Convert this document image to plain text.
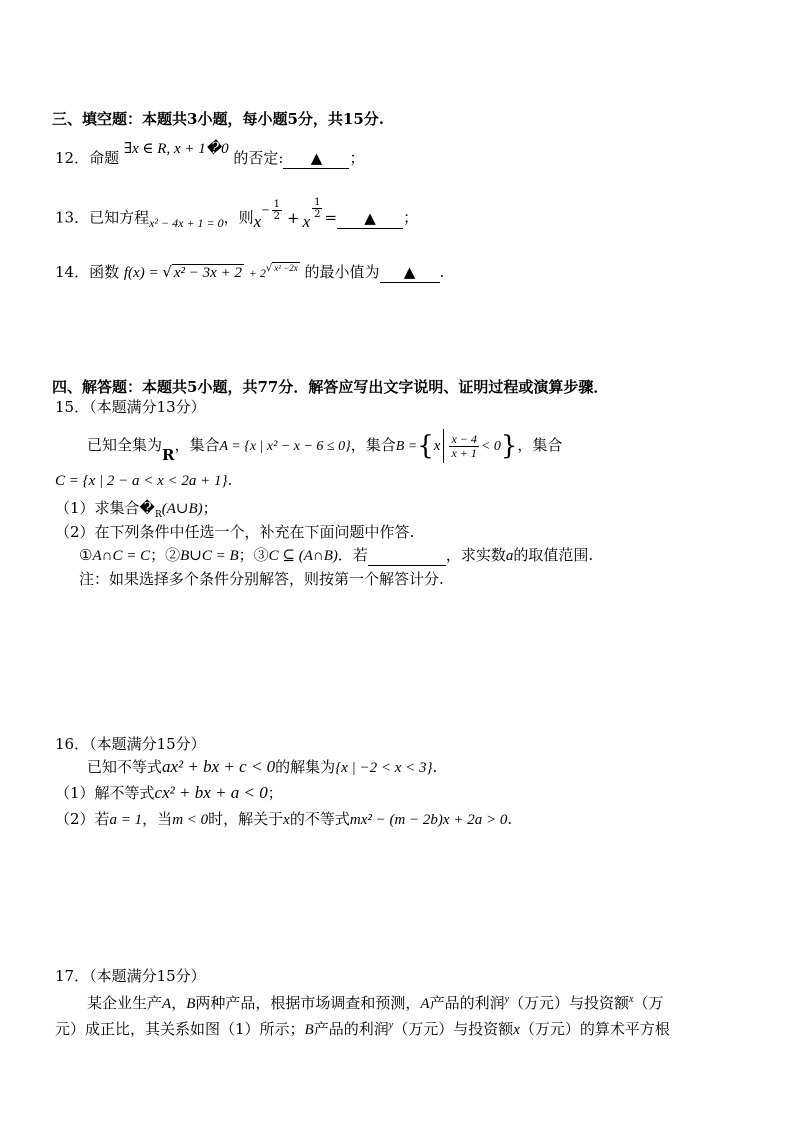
三、填空题：本题共3小题，每小题5分，共15分.
12．命题 ∃x ∈ R, x + 1�0 的否定: ▲ ；
13．已知方程$_{x^2 - 4x + 1 = 0}$，则$x- \frac{1}{2} + x$
$\frac{1}{2}$ = ▲ ；
14．函数 f(x) = √ x² − 3x + 2 + 2√ $^{x^2 -2x}$ 的最小值为 ▲ .
四、解答题：本题共5小题，共77分．解答应写出文字说明、证明过程或演算步骤．
15．（本题满分13分）
已知全集为R，集合A = {x | x² − x − 6 ≤ 0}，集合$B =\{x \frac{x - 4}{x + 1} < 0\}$，集合
C = {x | 2 − a < x < 2a + 1}.
（1）求集合$�_R(A\cup B)$；
（2）在下列条件中任选一个，补充在下面问题中作答.
①A∩C = C；②B∪C = B；③C ⊆ (A∩B)．若	，求实数a的取值范围.
注：如果选择多个条件分别解答，则按第一个解答计分.
16．（本题满分15分）
已知不等式ax² + bx + c < 0的解集为{x | −2 < x < 3}.
（1）解不等式cx² + bx + a < 0；
（2）若a = 1，当m < 0时，解关于x的不等式mx² − (m − 2b)x + 2a > 0.
17．（本题满分15分）
某企业生产A，B两种产品，根据市场调查和预测，A产品的利润$^y$（万元）与投资额$^x$（万
元）成正比，其关系如图（1）所示；B产品的利润$^y$（万元）与投资额x（万元）的算术平方根
